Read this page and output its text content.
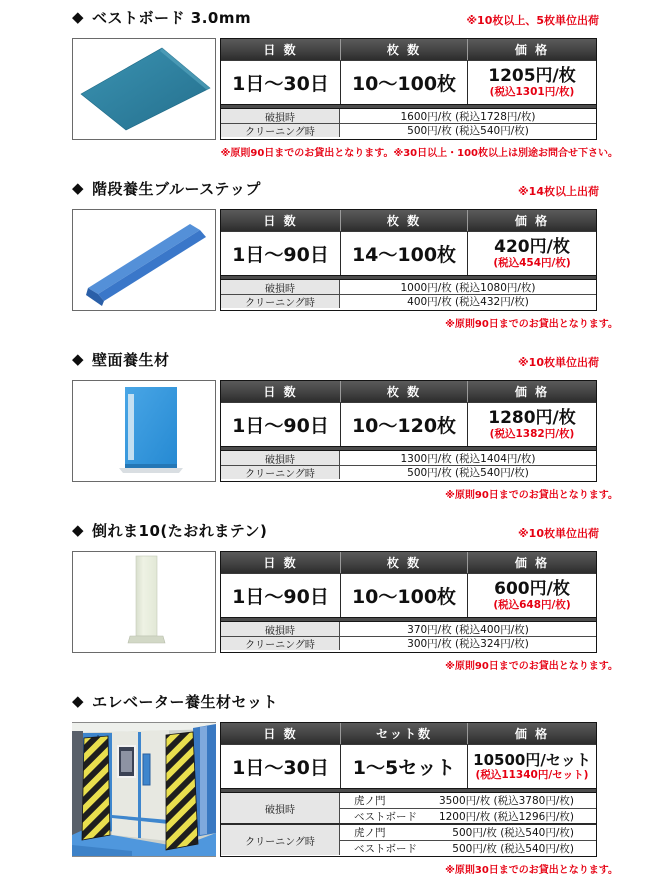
◆ ベストボード 3.0mm	※10枚以上、5枚単位出荷
日 数	枚 数	価 格
1日〜30日	10〜100枚	1205円/枚
(税込1301円/枚)
破損時	1600円/枚 (税込1728円/枚)
クリーニング時	500円/枚 (税込540円/枚)
※原則90日までのお貸出となります。※30日以上・100枚以上は別途お問合せ下さい。
◆ 階段養生ブルーステップ	※14枚以上出荷
日 数	枚 数	価 格
1日〜90日	14〜100枚	420円/枚
(税込454円/枚)
破損時	1000円/枚 (税込1080円/枚)
クリーニング時	400円/枚 (税込432円/枚)
※原則90日までのお貸出となります。
◆ 壁面養生材	※10枚単位出荷
日 数	枚 数	価 格
1日〜90日	10〜120枚	1280円/枚
(税込1382円/枚)
破損時	1300円/枚 (税込1404円/枚)
クリーニング時	500円/枚 (税込540円/枚)
※原則90日までのお貸出となります。
◆ 倒れま10(たおれまテン)	※10枚単位出荷
日 数	枚 数	価 格
1日〜90日	10〜100枚	600円/枚
(税込648円/枚)
破損時	370円/枚 (税込400円/枚)
クリーニング時	300円/枚 (税込324円/枚)
※原則90日までのお貸出となります。
◆ エレベーター養生材セット
日 数	セット数	価 格
1日〜30日	1〜5セット	10500円/セット
(税込11340円/セット)
破損時
虎ノ門	3500円/枚 (税込3780円/枚)
ベストボード	1200円/枚 (税込1296円/枚)
クリーニング時
虎ノ門	500円/枚 (税込540円/枚)
ベストボード	500円/枚 (税込540円/枚)
※原則30日までのお貸出となります。
